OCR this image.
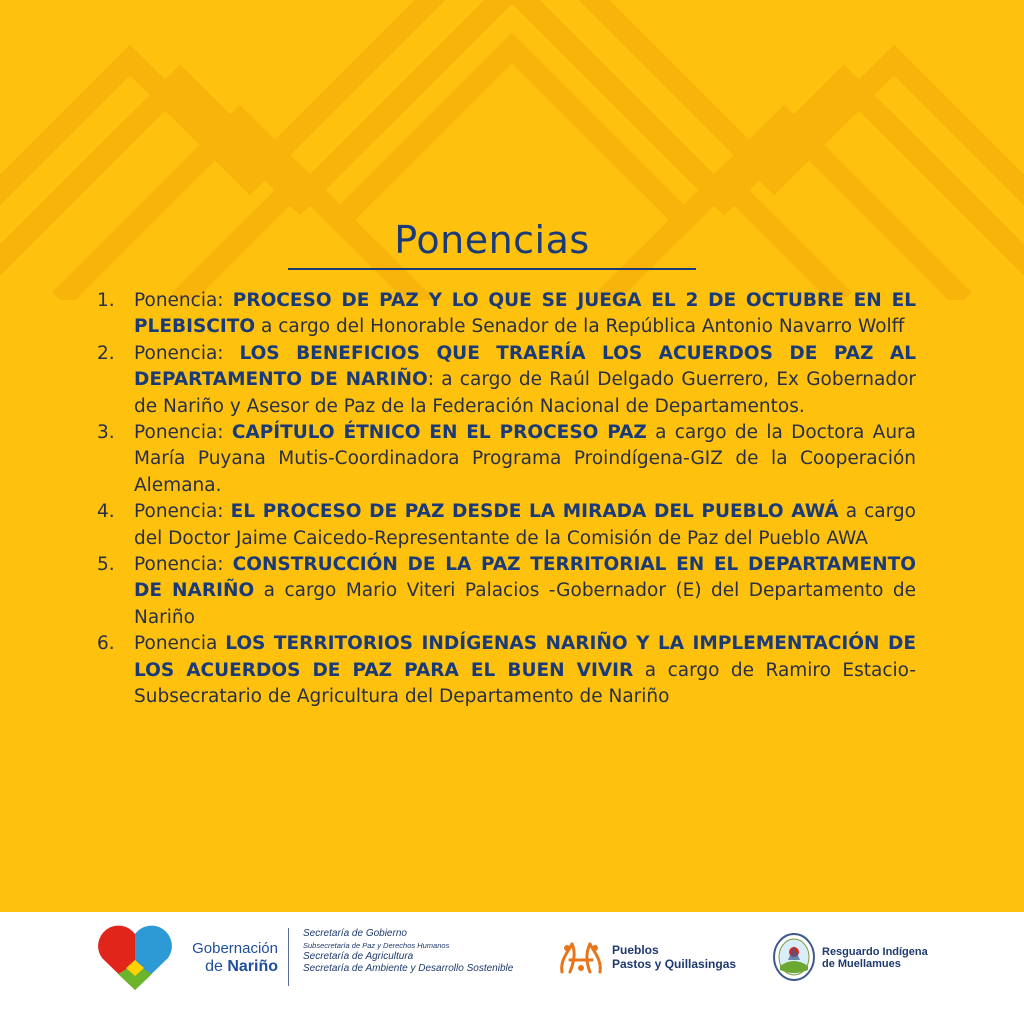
Ponencias
1. Ponencia: PROCESO DE PAZ Y LO QUE SE JUEGA EL 2 DE OCTUBRE EN EL PLEBISCITO a cargo del Honorable Senador de la República Antonio Navarro Wolff
2. Ponencia: LOS BENEFICIOS QUE TRAERÍA LOS ACUERDOS DE PAZ AL DEPARTAMENTO DE NARIÑO: a cargo de Raúl Delgado Guerrero, Ex Gobernador de Nariño y Asesor de Paz de la Federación Nacional de Departamentos.
3. Ponencia: CAPÍTULO ÉTNICO EN EL PROCESO PAZ a cargo de la Doctora Aura María Puyana Mutis-Coordinadora Programa Proindígena-GIZ de la Cooperación Alemana.
4. Ponencia: EL PROCESO DE PAZ DESDE LA MIRADA DEL PUEBLO AWÁ a cargo del Doctor Jaime Caicedo-Representante de la Comisión de Paz del Pueblo AWA
5. Ponencia: CONSTRUCCIÓN DE LA PAZ TERRITORIAL EN EL DEPARTAMENTO DE NARIÑO a cargo Mario Viteri Palacios -Gobernador (E) del Departamento de Nariño
6. Ponencia LOS TERRITORIOS INDÍGENAS NARIÑO Y LA IMPLEMENTACIÓN DE LOS ACUERDOS DE PAZ PARA EL BUEN VIVIR a cargo de Ramiro Estacio-Subsecratario de Agricultura del Departamento de Nariño
Gobernación
de Nariño
Secretaría de Gobierno
Subsecretaría de Paz y Derechos Humanos
Secretaría de Agricultura
Secretaría de Ambiente y Desarrollo Sostenible
Pueblos
Pastos y Quillasingas
Resguardo Indígena
de Muellamues
